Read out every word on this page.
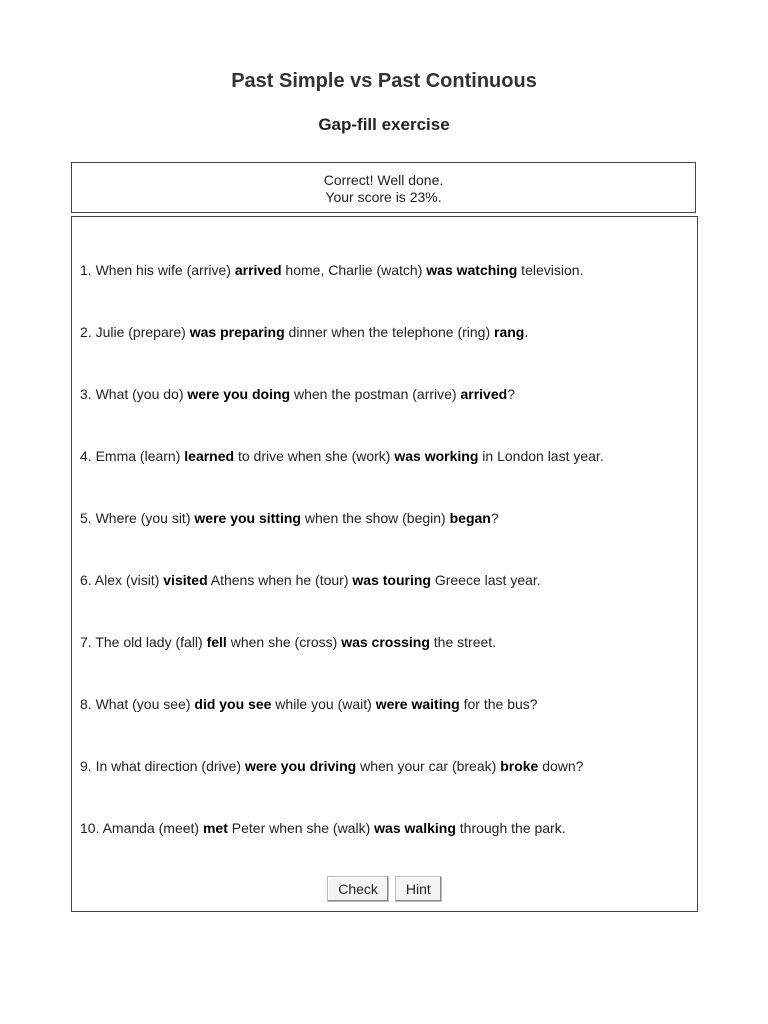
Past Simple vs Past Continuous
Gap-fill exercise
Correct! Well done.
Your score is 23%.
1. When his wife (arrive) arrived home, Charlie (watch) was watching television.
2. Julie (prepare) was preparing dinner when the telephone (ring) rang.
3. What (you do) were you doing when the postman (arrive) arrived?
4. Emma (learn) learned to drive when she (work) was working in London last year.
5. Where (you sit) were you sitting when the show (begin) began?
6. Alex (visit) visited Athens when he (tour) was touring Greece last year.
7. The old lady (fall) fell when she (cross) was crossing the street.
8. What (you see) did you see while you (wait) were waiting for the bus?
9. In what direction (drive) were you driving when your car (break) broke down?
10. Amanda (meet) met Peter when she (walk) was walking through the park.
Check Hint
